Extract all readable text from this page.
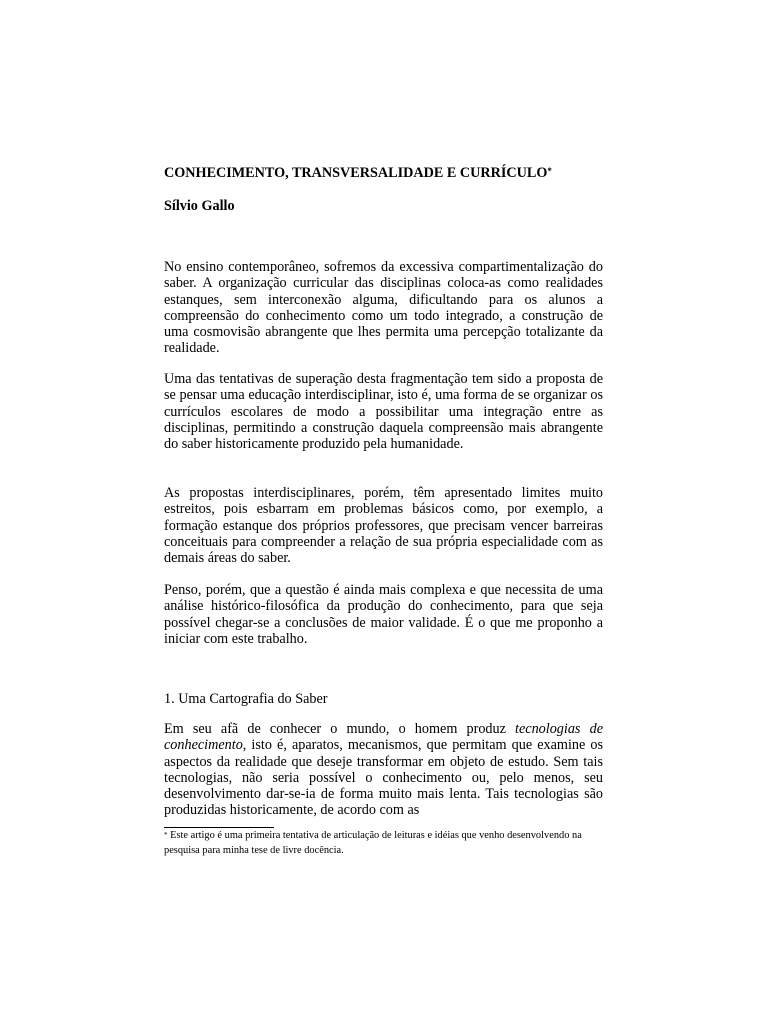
CONHECIMENTO, TRANSVERSALIDADE E CURRÍCULO*

Sílvio Gallo

No ensino contemporâneo, sofremos da excessiva compartimentalização do saber. A organização curricular das disciplinas coloca-as como realidades estanques, sem interconexão alguma, dificultando para os alunos a compreensão do conhecimento como um todo integrado, a construção de uma cosmovisão abrangente que lhes permita uma percepção totalizante da realidade.

Uma das tentativas de superação desta fragmentação tem sido a proposta de se pensar uma educação interdisciplinar, isto é, uma forma de se organizar os currículos escolares de modo a possibilitar uma integração entre as disciplinas, permitindo a construção daquela compreensão mais abrangente do saber historicamente produzido pela humanidade.

As propostas interdisciplinares, porém, têm apresentado limites muito estreitos, pois esbarram em problemas básicos como, por exemplo, a formação estanque dos próprios professores, que precisam vencer barreiras conceituais para compreender a relação de sua própria especialidade com as demais áreas do saber.

Penso, porém, que a questão é ainda mais complexa e que necessita de uma análise histórico-filosófica da produção do conhecimento, para que seja possível chegar-se a conclusões de maior validade. É o que me proponho a iniciar com este trabalho.

1. Uma Cartografia do Saber

Em seu afã de conhecer o mundo, o homem produz tecnologias de conhecimento, isto é, aparatos, mecanismos, que permitam que examine os aspectos da realidade que deseje transformar em objeto de estudo. Sem tais tecnologias, não seria possível o conhecimento ou, pelo menos, seu desenvolvimento dar-se-ia de forma muito mais lenta. Tais tecnologias são produzidas historicamente, de acordo com as

* Este artigo é uma primeira tentativa de articulação de leituras e idéias que venho desenvolvendo na pesquisa para minha tese de livre docência.
